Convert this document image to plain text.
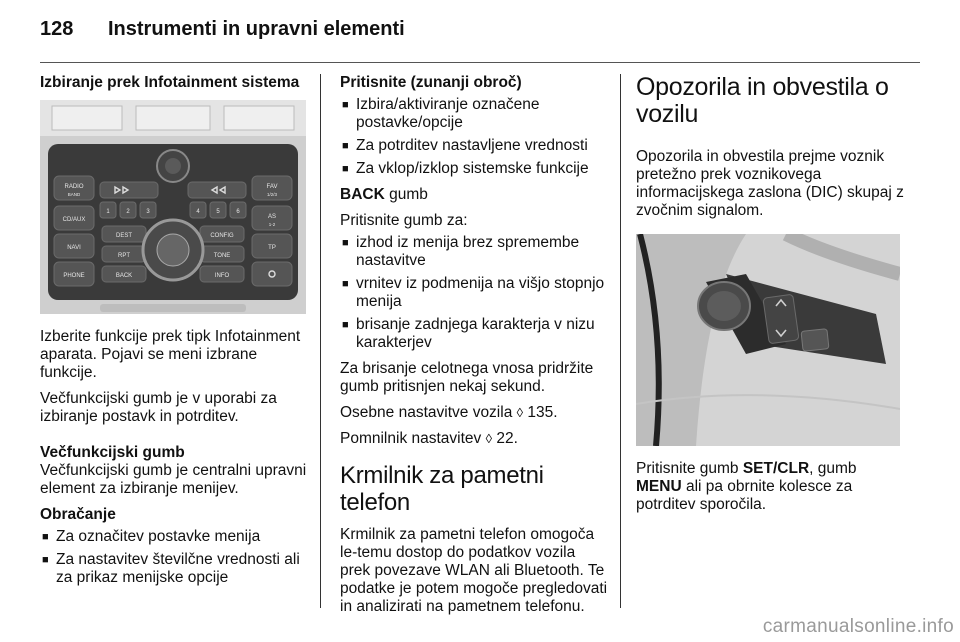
128 Instrumenti in upravni elementi

Izbiranje prek Infotainment sistema

RADIO
BAND
CD/AUX
NAVI
PHONE
FAV
1/2/3
AS
1-2
TP
DEST
RPT
BACK
CONFIG
TONE
INFO
1	2	3	4	5	6

Izberite funkcije prek tipk Infotainment aparata. Pojavi se meni izbrane funkcije.

Večfunkcijski gumb je v uporabi za izbiranje postavk in potrditev.

Večfunkcijski gumb

Večfunkcijski gumb je centralni upravni element za izbiranje menijev.

Obračanje

■ Za označitev postavke menija
■ Za nastavitev številčne vrednosti ali za prikaz menijske opcije

Pritisnite (zunanji obroč)

■ Izbira/aktiviranje označene postavke/opcije
■ Za potrditev nastavljene vrednosti
■ Za vklop/izklop sistemske funkcije

BACK gumb

Pritisnite gumb za:

■ izhod iz menija brez spremembe nastavitve
■ vrnitev iz podmenija na višjo stopnjo menija
■ brisanje zadnjega karakterja v nizu karakterjev

Za brisanje celotnega vnosa pridržite gumb pritisnjen nekaj sekund.

Osebne nastavitve vozila ◊ 135.

Pomnilnik nastavitev ◊ 22.

Krmilnik za pametni telefon

Krmilnik za pametni telefon omogoča le-temu dostop do podatkov vozila prek povezave WLAN ali Bluetooth. Te podatke je potem mogoče pregledovati in analizirati na pametnem telefonu.

Opozorila in obvestila o vozilu

Opozorila in obvestila prejme voznik pretežno prek voznikovega informacijskega zaslona (DIC) skupaj z zvočnim signalom.

Pritisnite gumb SET/CLR, gumb MENU ali pa obrnite kolesce za potrditev sporočila.

carmanualsonline.info
